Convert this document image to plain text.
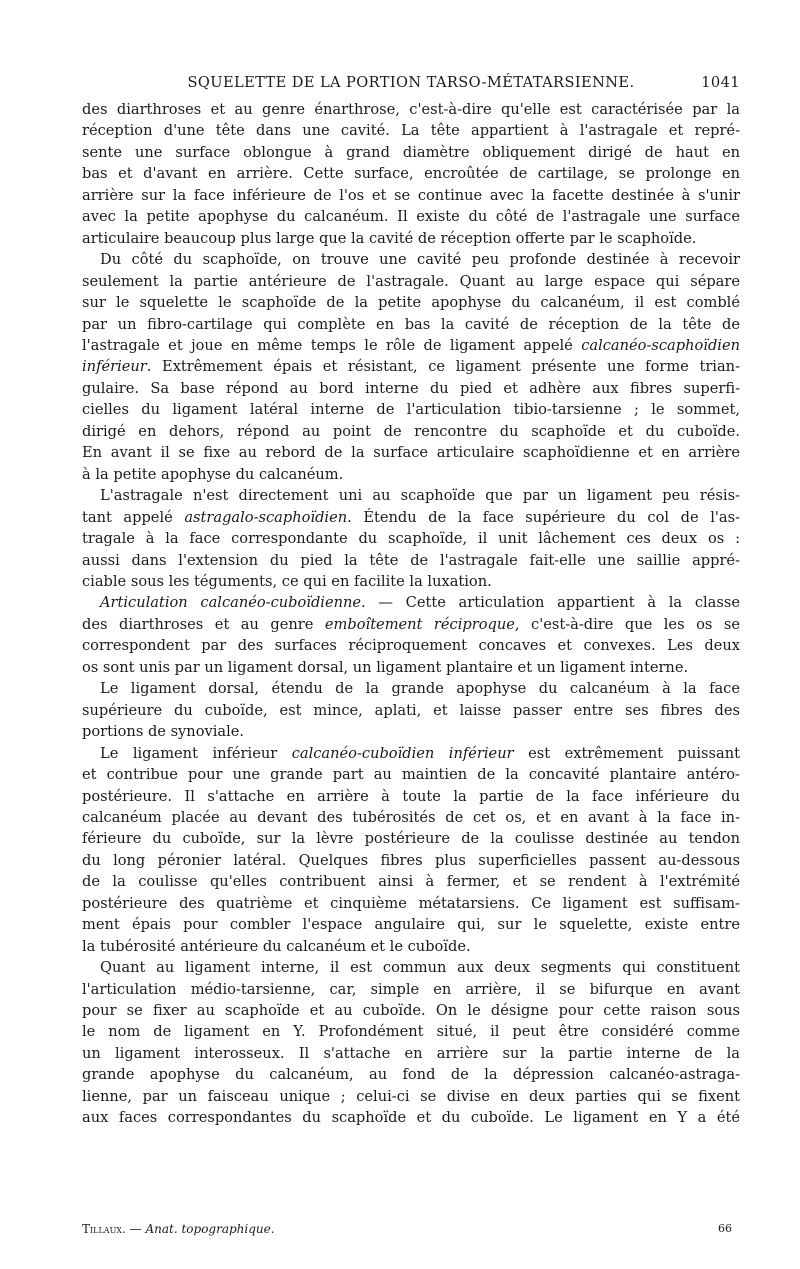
SQUELETTE DE LA PORTION TARSO-MÉTATARSIENNE.	1041
des diarthroses et au genre énarthrose, c'est-à-dire qu'elle est caractérisée par la
réception d'une tête dans une cavité. La tête appartient à l'astragale et repré-
sente une surface oblongue à grand diamètre obliquement dirigé de haut en
bas et d'avant en arrière. Cette surface, encroûtée de cartilage, se prolonge en
arrière sur la face inférieure de l'os et se continue avec la facette destinée à s'unir
avec la petite apophyse du calcanéum. Il existe du côté de l'astragale une surface
articulaire beaucoup plus large que la cavité de réception offerte par le scaphoïde.
Du côté du scaphoïde, on trouve une cavité peu profonde destinée à recevoir
seulement la partie antérieure de l'astragale. Quant au large espace qui sépare
sur le squelette le scaphoïde de la petite apophyse du calcanéum, il est comblé
par un fibro-cartilage qui complète en bas la cavité de réception de la tête de
l'astragale et joue en même temps le rôle de ligament appelé calcanéo-scaphoïdien
inférieur. Extrêmement épais et résistant, ce ligament présente une forme trian-
gulaire. Sa base répond au bord interne du pied et adhère aux fibres superfi-
cielles du ligament latéral interne de l'articulation tibio-tarsienne ; le sommet,
dirigé en dehors, répond au point de rencontre du scaphoïde et du cuboïde.
En avant il se fixe au rebord de la surface articulaire scaphoïdienne et en arrière
à la petite apophyse du calcanéum.
L'astragale n'est directement uni au scaphoïde que par un ligament peu résis-
tant appelé astragalo-scaphoïdien. Étendu de la face supérieure du col de l'as-
tragale à la face correspondante du scaphoïde, il unit lâchement ces deux os :
aussi dans l'extension du pied la tête de l'astragale fait-elle une saillie appré-
ciable sous les téguments, ce qui en facilite la luxation.
Articulation calcanéo-cuboïdienne. — Cette articulation appartient à la classe
des diarthroses et au genre emboîtement réciproque, c'est-à-dire que les os se
correspondent par des surfaces réciproquement concaves et convexes. Les deux
os sont unis par un ligament dorsal, un ligament plantaire et un ligament interne.
Le ligament dorsal, étendu de la grande apophyse du calcanéum à la face
supérieure du cuboïde, est mince, aplati, et laisse passer entre ses fibres des
portions de synoviale.
Le ligament inférieur calcanéo-cuboïdien inférieur est extrêmement puissant
et contribue pour une grande part au maintien de la concavité plantaire antéro-
postérieure. Il s'attache en arrière à toute la partie de la face inférieure du
calcanéum placée au devant des tubérosités de cet os, et en avant à la face in-
férieure du cuboïde, sur la lèvre postérieure de la coulisse destinée au tendon
du long péronier latéral. Quelques fibres plus superficielles passent au-dessous
de la coulisse qu'elles contribuent ainsi à fermer, et se rendent à l'extrémité
postérieure des quatrième et cinquième métatarsiens. Ce ligament est suffisam-
ment épais pour combler l'espace angulaire qui, sur le squelette, existe entre
la tubérosité antérieure du calcanéum et le cuboïde.
Quant au ligament interne, il est commun aux deux segments qui constituent
l'articulation médio-tarsienne, car, simple en arrière, il se bifurque en avant
pour se fixer au scaphoïde et au cuboïde. On le désigne pour cette raison sous
le nom de ligament en Y. Profondément situé, il peut être considéré comme
un ligament interosseux. Il s'attache en arrière sur la partie interne de la
grande apophyse du calcanéum, au fond de la dépression calcanéo-astraga-
lienne, par un faisceau unique ; celui-ci se divise en deux parties qui se fixent
aux faces correspondantes du scaphoïde et du cuboïde. Le ligament en Y a été
Tillaux. — Anat. topographique.	66
